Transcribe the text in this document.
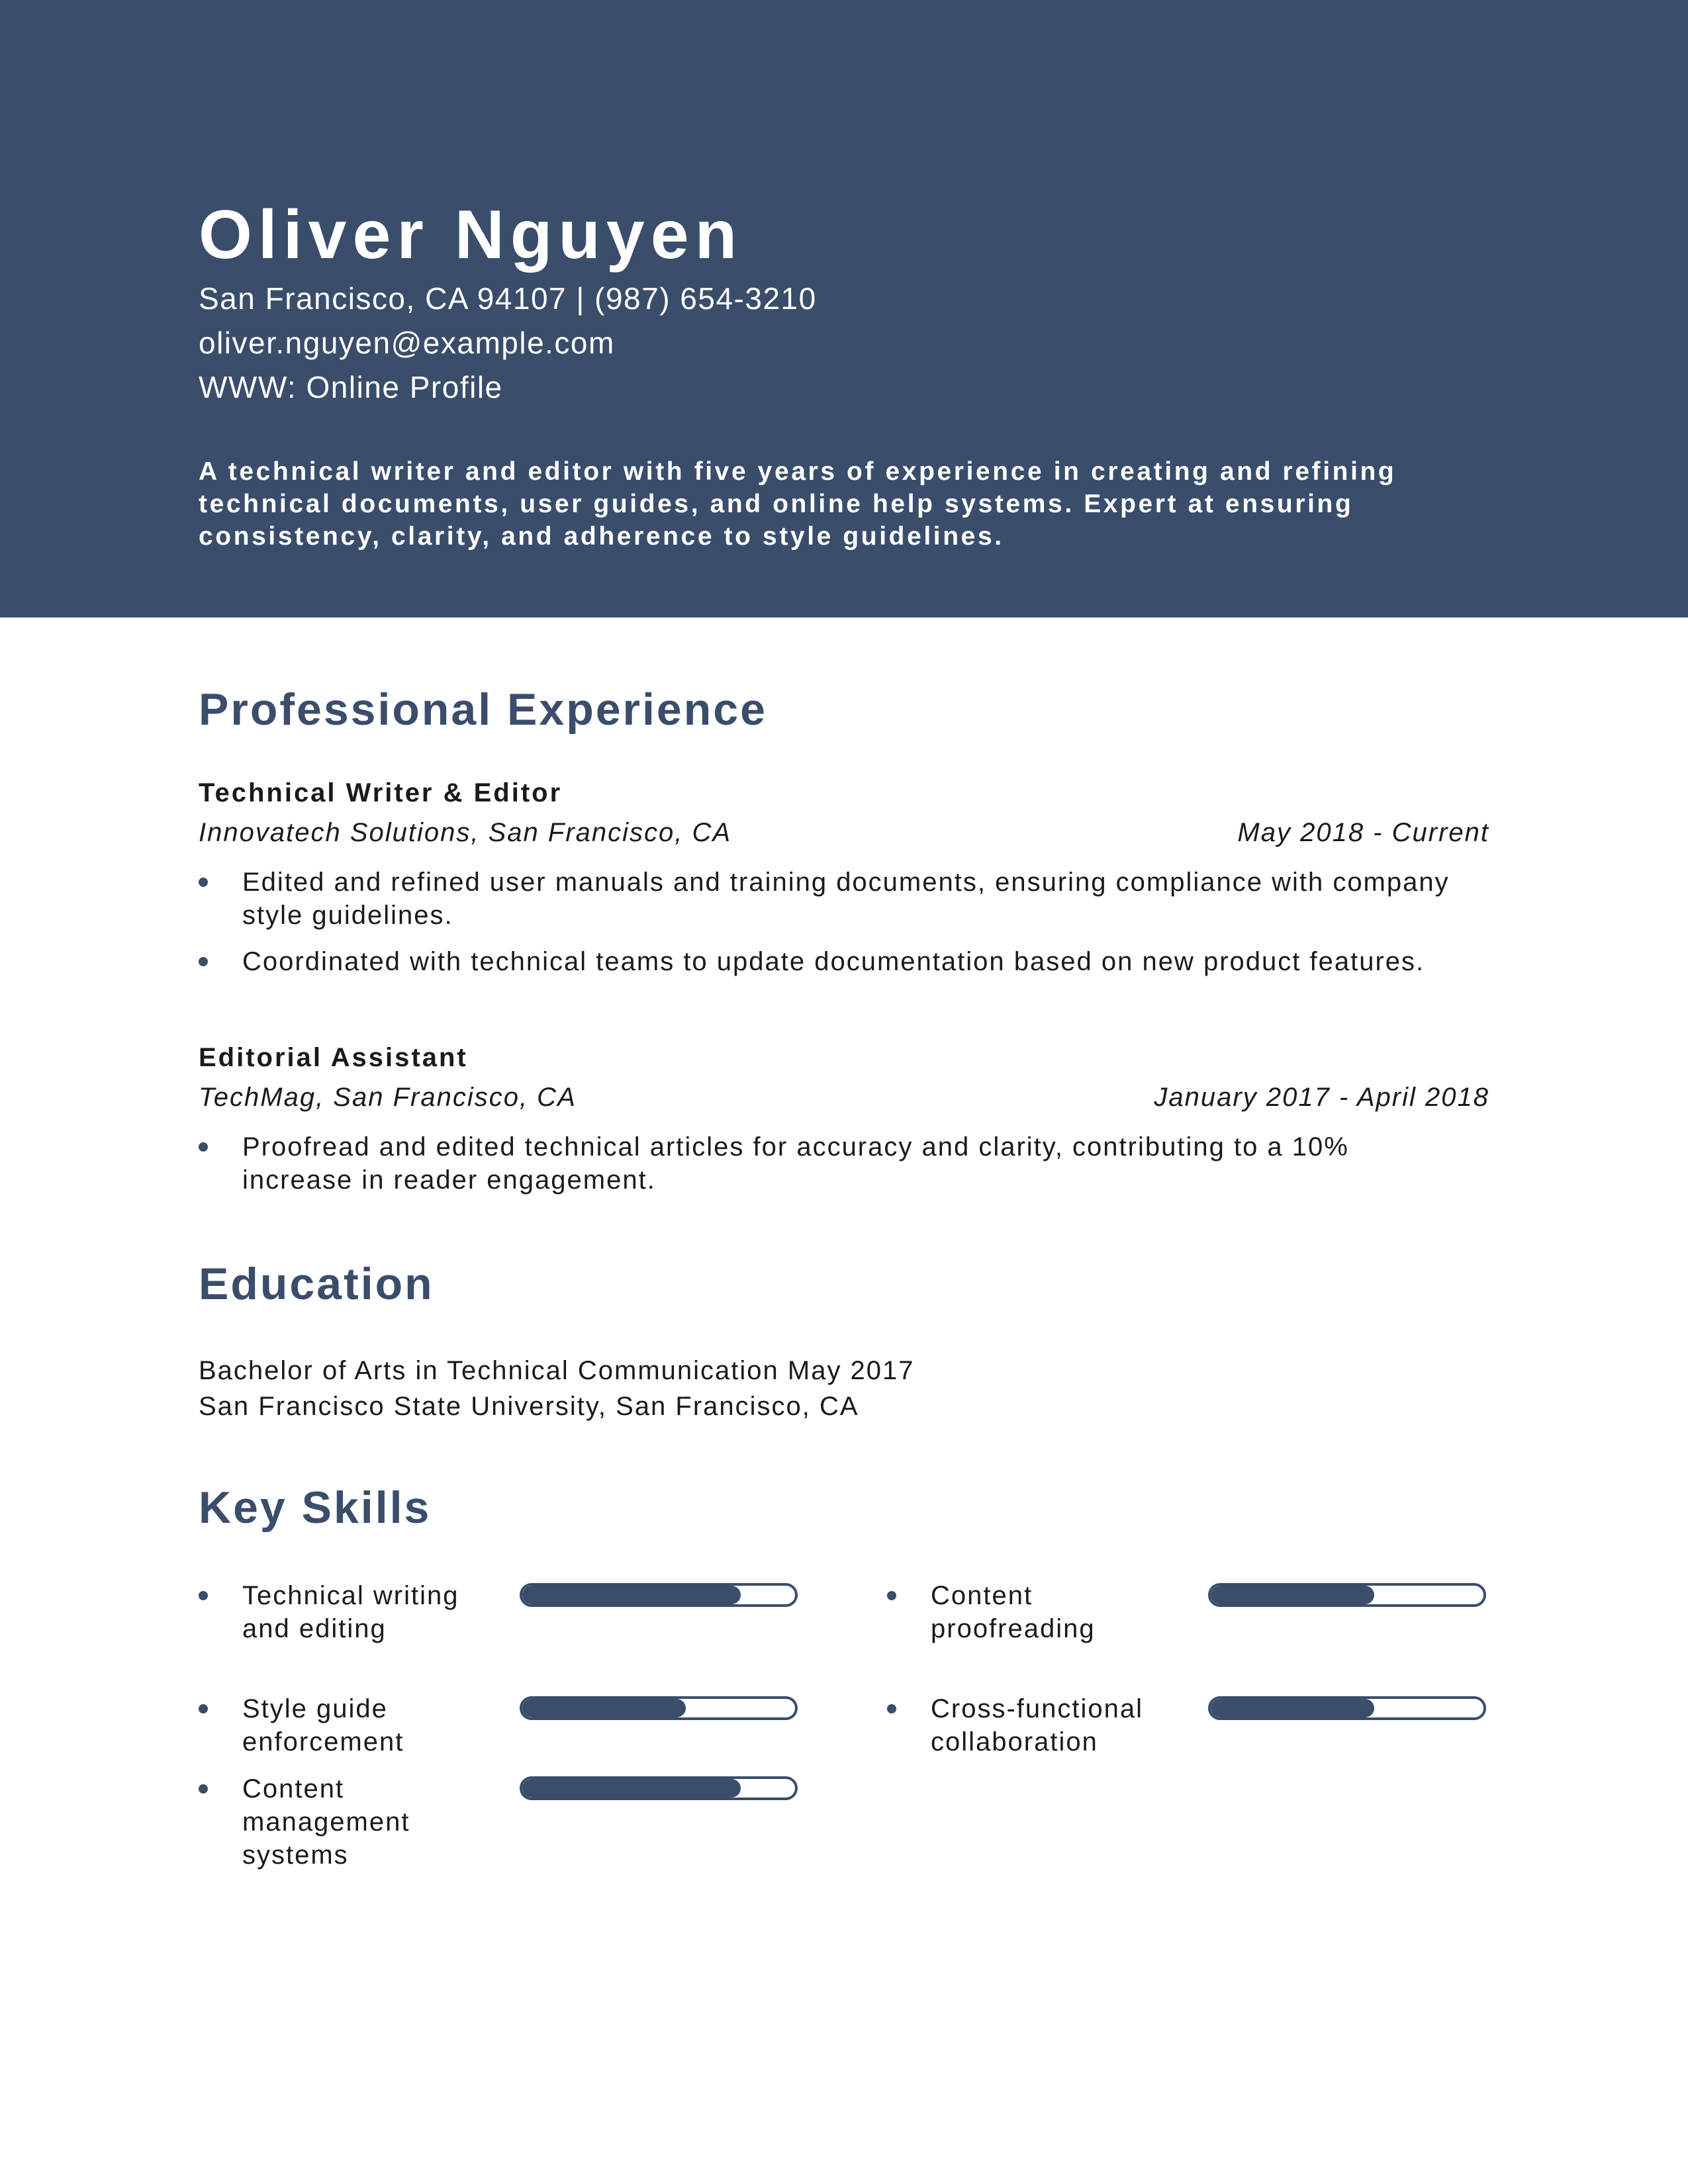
Oliver Nguyen
San Francisco, CA 94107 | (987) 654-3210
oliver.nguyen@example.com
WWW: Online Profile
A technical writer and editor with five years of experience in creating and refining technical documents, user guides, and online help systems. Expert at ensuring consistency, clarity, and adherence to style guidelines.
Professional Experience
Technical Writer & Editor
Innovatech Solutions, San Francisco, CA	May 2018 - Current
Edited and refined user manuals and training documents, ensuring compliance with company style guidelines.
Coordinated with technical teams to update documentation based on new product features.
Editorial Assistant
TechMag, San Francisco, CA	January 2017 - April 2018
Proofread and edited technical articles for accuracy and clarity, contributing to a 10% increase in reader engagement.
Education
Bachelor of Arts in Technical Communication May 2017
San Francisco State University, San Francisco, CA
Key Skills
Technical writing and editing
Content proofreading
Style guide enforcement
Cross-functional collaboration
Content management systems
